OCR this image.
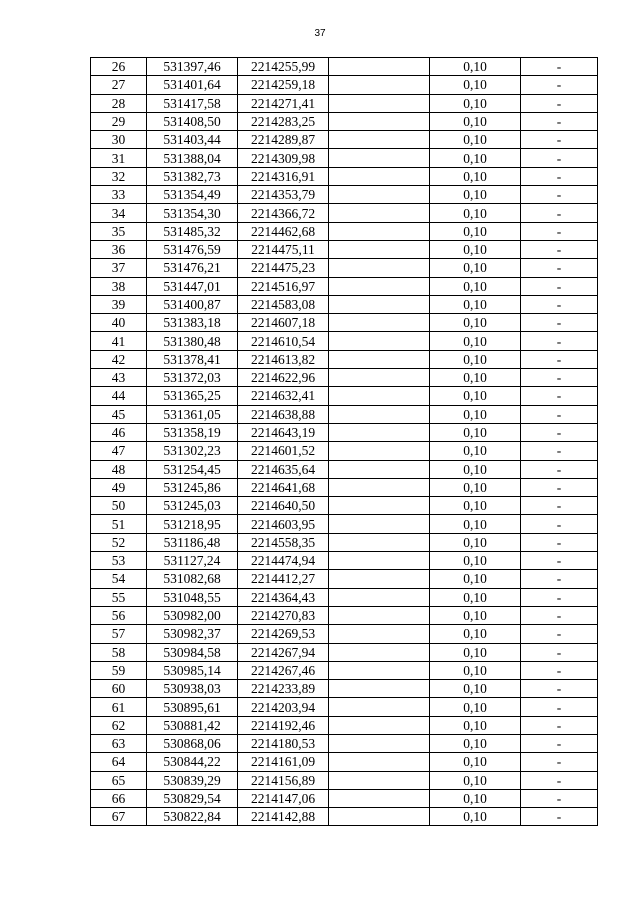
37
26	531397,46	2214255,99		0,10	-
27	531401,64	2214259,18		0,10	-
28	531417,58	2214271,41		0,10	-
29	531408,50	2214283,25		0,10	-
30	531403,44	2214289,87		0,10	-
31	531388,04	2214309,98		0,10	-
32	531382,73	2214316,91		0,10	-
33	531354,49	2214353,79		0,10	-
34	531354,30	2214366,72		0,10	-
35	531485,32	2214462,68		0,10	-
36	531476,59	2214475,11		0,10	-
37	531476,21	2214475,23		0,10	-
38	531447,01	2214516,97		0,10	-
39	531400,87	2214583,08		0,10	-
40	531383,18	2214607,18		0,10	-
41	531380,48	2214610,54		0,10	-
42	531378,41	2214613,82		0,10	-
43	531372,03	2214622,96		0,10	-
44	531365,25	2214632,41		0,10	-
45	531361,05	2214638,88		0,10	-
46	531358,19	2214643,19		0,10	-
47	531302,23	2214601,52		0,10	-
48	531254,45	2214635,64		0,10	-
49	531245,86	2214641,68		0,10	-
50	531245,03	2214640,50		0,10	-
51	531218,95	2214603,95		0,10	-
52	531186,48	2214558,35		0,10	-
53	531127,24	2214474,94		0,10	-
54	531082,68	2214412,27		0,10	-
55	531048,55	2214364,43		0,10	-
56	530982,00	2214270,83		0,10	-
57	530982,37	2214269,53		0,10	-
58	530984,58	2214267,94		0,10	-
59	530985,14	2214267,46		0,10	-
60	530938,03	2214233,89		0,10	-
61	530895,61	2214203,94		0,10	-
62	530881,42	2214192,46		0,10	-
63	530868,06	2214180,53		0,10	-
64	530844,22	2214161,09		0,10	-
65	530839,29	2214156,89		0,10	-
66	530829,54	2214147,06		0,10	-
67	530822,84	2214142,88		0,10	-
